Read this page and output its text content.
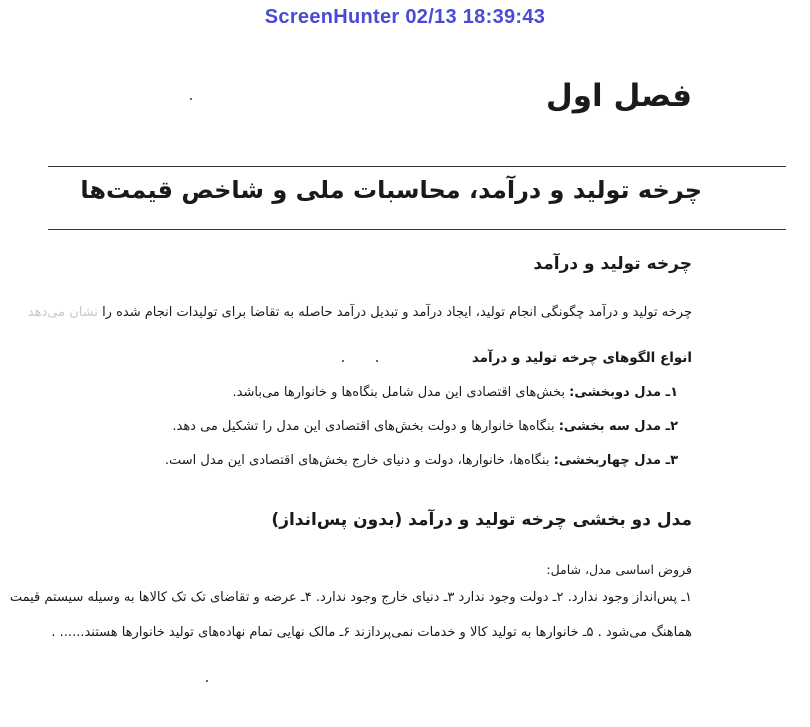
ScreenHunter 02/13 18:39:43
فصل اول
چرخه تولید و درآمد، محاسبات ملی و شاخص قیمت‌ها
چرخه تولید و درآمد
چرخه تولید و درآمد چگونگی انجام تولید، ایجاد درآمد و تبدیل درآمد حاصله به تقاضا برای تولیدات انجام شده را نشان می‌دهد
انواع الگوهای چرخه تولید و درآمد
۱ـ مدل دوبخشی: بخش‌های اقتصادی این مدل شامل بنگاه‌ها و خانوارها می‌باشد.
۲ـ مدل سه بخشی: بنگاه‌ها خانوارها و دولت بخش‌های اقتصادی این مدل را تشکیل می دهد.
۳ـ مدل چهاربخشی: بنگاه‌ها، خانوارها، دولت و دنیای خارج بخش‌های اقتصادی این مدل است.
مدل دو بخشی چرخه تولید و درآمد (بدون پس‌انداز)
فروض اساسی مدل، شامل:
۱ـ پس‌انداز وجود ندارد. ۲ـ دولت وجود ندارد ۳ـ دنیای خارج وجود ندارد. ۴ـ عرضه و تقاضای تک تک کالاها به وسیله سیستم قیمت
هماهنگ می‌شود . ۵ـ خانوارها به تولید کالا و خدمات نمی‌پردازند ۶ـ مالک نهایی تمام نهاده‌های تولید خانوارها هستند...... .
